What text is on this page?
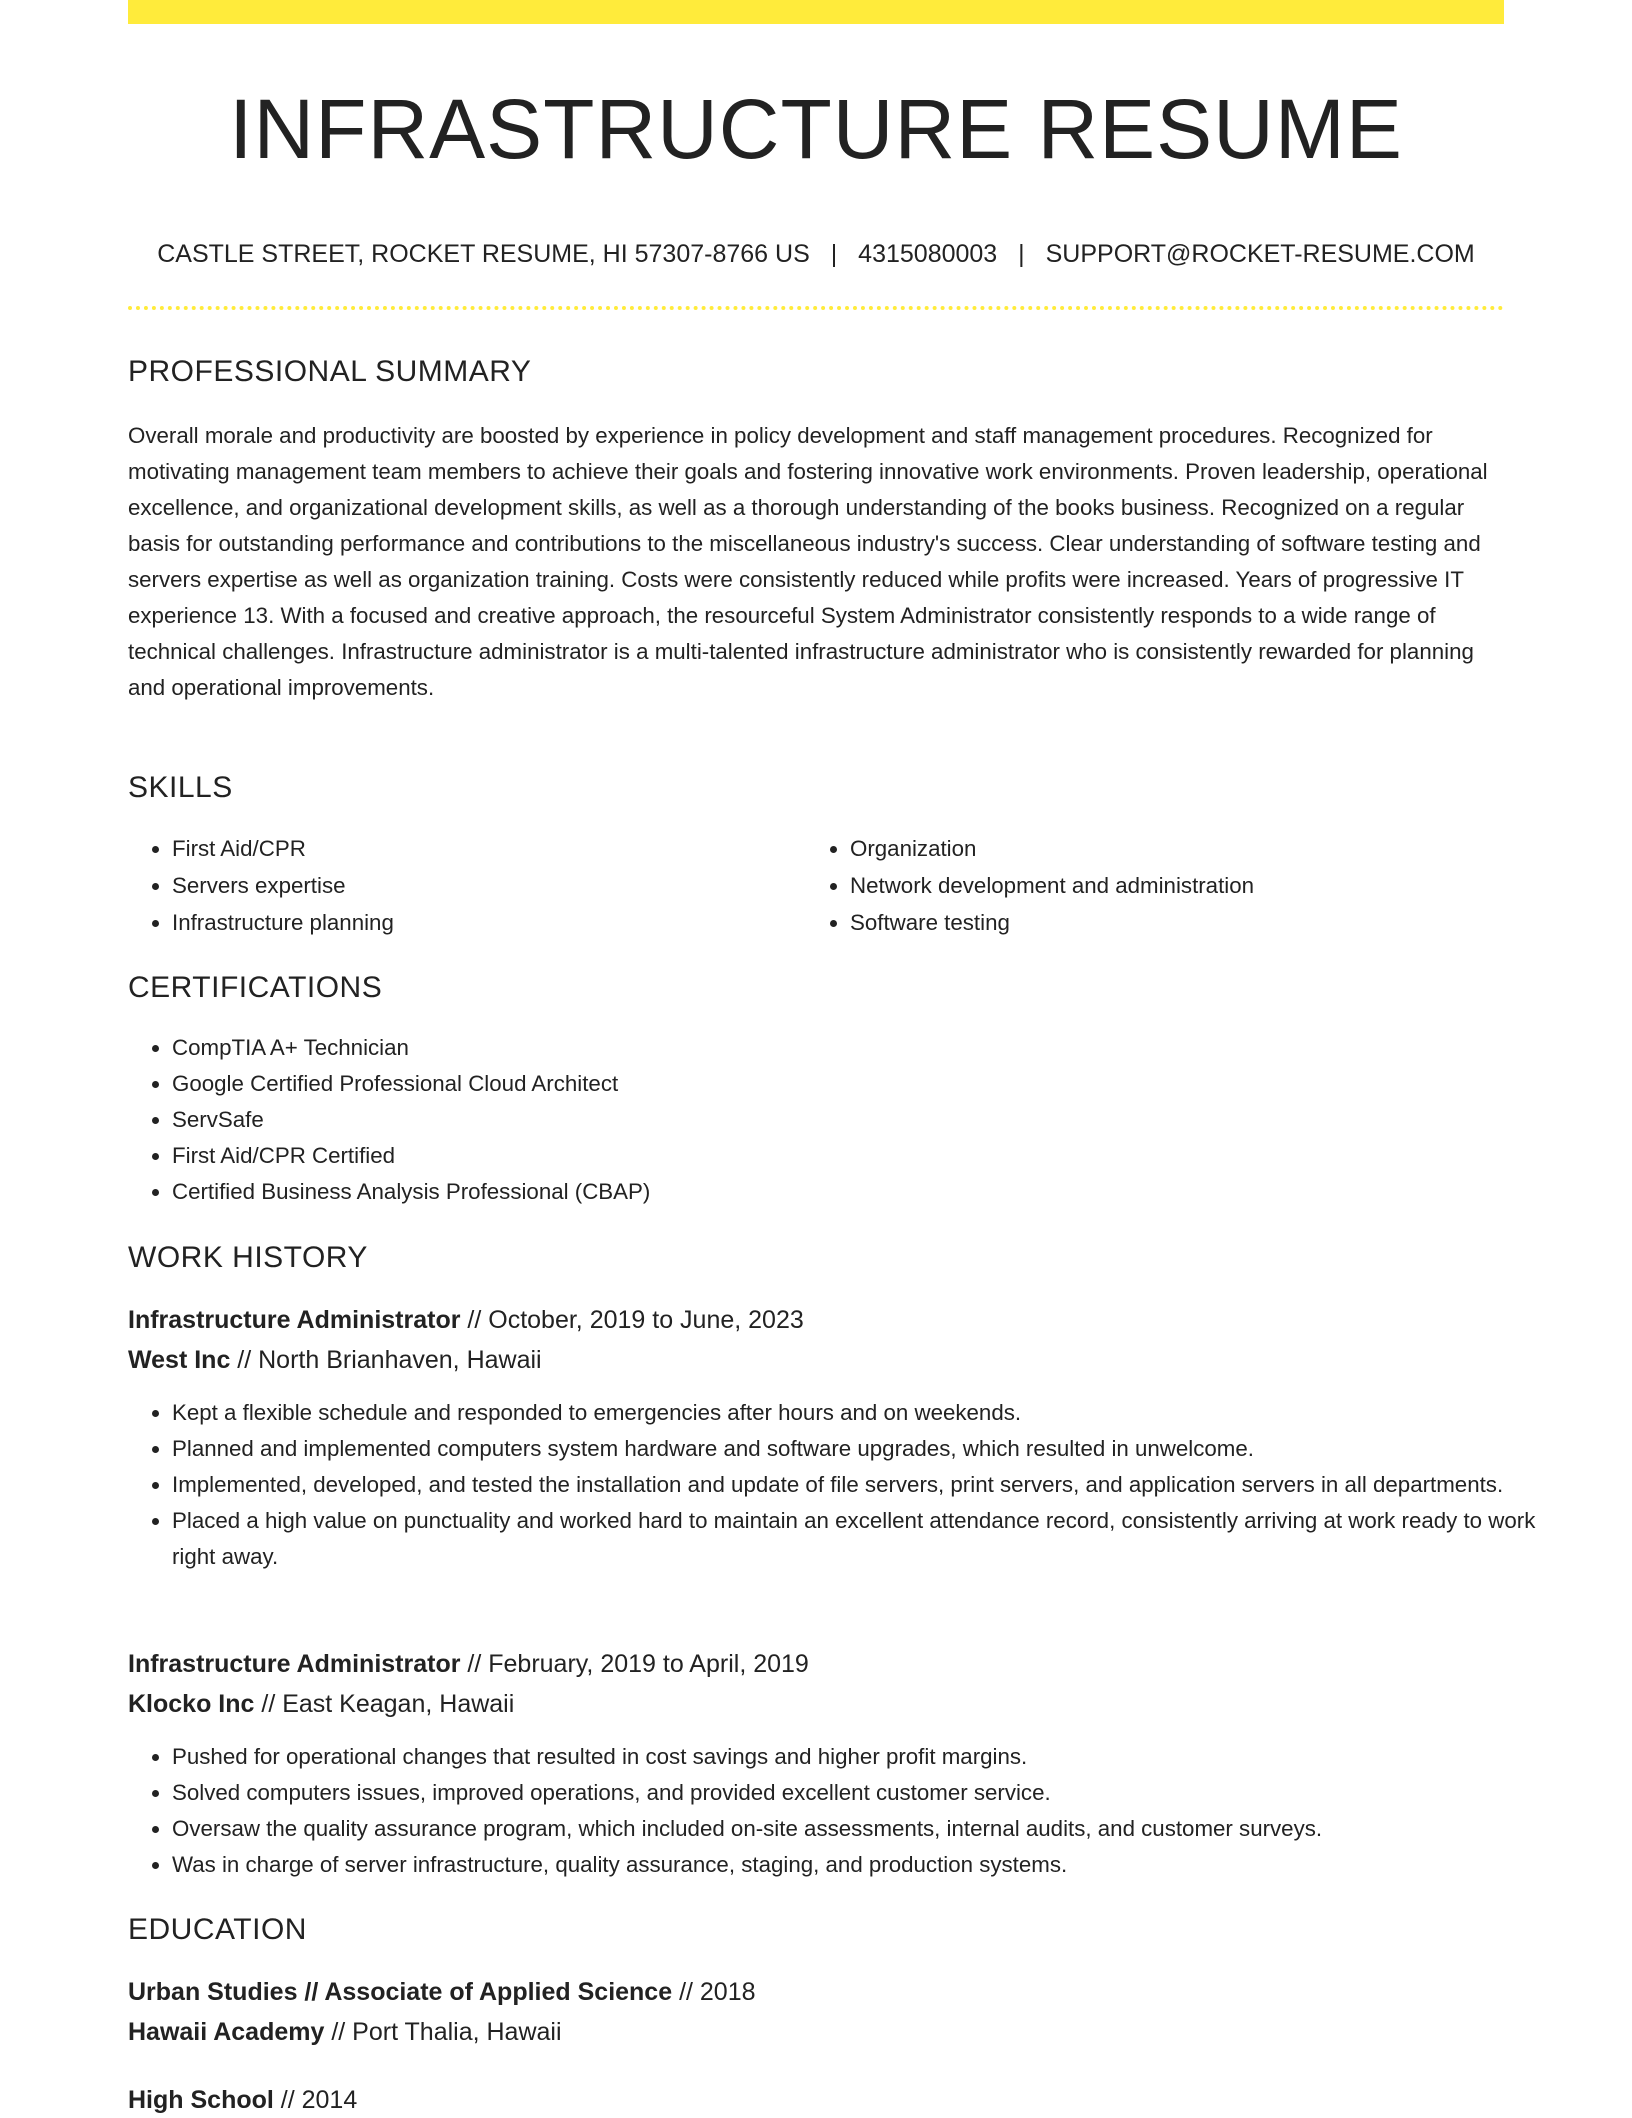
INFRASTRUCTURE RESUME
CASTLE STREET, ROCKET RESUME, HI 57307-8766 US | 4315080003 | SUPPORT@ROCKET-RESUME.COM
PROFESSIONAL SUMMARY

Overall morale and productivity are boosted by experience in policy development and staff management procedures. Recognized for motivating management team members to achieve their goals and fostering innovative work environments. Proven leadership, operational excellence, and organizational development skills, as well as a thorough understanding of the books business. Recognized on a regular basis for outstanding performance and contributions to the miscellaneous industry's success. Clear understanding of software testing and servers expertise as well as organization training. Costs were consistently reduced while profits were increased. Years of progressive IT experience 13. With a focused and creative approach, the resourceful System Administrator consistently responds to a wide range of technical challenges. Infrastructure administrator is a multi-talented infrastructure administrator who is consistently rewarded for planning and operational improvements.

SKILLS
• First Aid/CPR
• Servers expertise
• Infrastructure planning
• Organization
• Network development and administration
• Software testing
CERTIFICATIONS
• CompTIA A+ Technician
• Google Certified Professional Cloud Architect
• ServSafe
• First Aid/CPR Certified
• Certified Business Analysis Professional (CBAP)
WORK HISTORY
Infrastructure Administrator // October, 2019 to June, 2023
West Inc // North Brianhaven, Hawaii
• Kept a flexible schedule and responded to emergencies after hours and on weekends.
• Planned and implemented computers system hardware and software upgrades, which resulted in unwelcome.
• Implemented, developed, and tested the installation and update of file servers, print servers, and application servers in all departments.
• Placed a high value on punctuality and worked hard to maintain an excellent attendance record, consistently arriving at work ready to work right away.
Infrastructure Administrator // February, 2019 to April, 2019
Klocko Inc // East Keagan, Hawaii
• Pushed for operational changes that resulted in cost savings and higher profit margins.
• Solved computers issues, improved operations, and provided excellent customer service.
• Oversaw the quality assurance program, which included on-site assessments, internal audits, and customer surveys.
• Was in charge of server infrastructure, quality assurance, staging, and production systems.
EDUCATION
Urban Studies // Associate of Applied Science // 2018
Hawaii Academy // Port Thalia, Hawaii
High School // 2014
